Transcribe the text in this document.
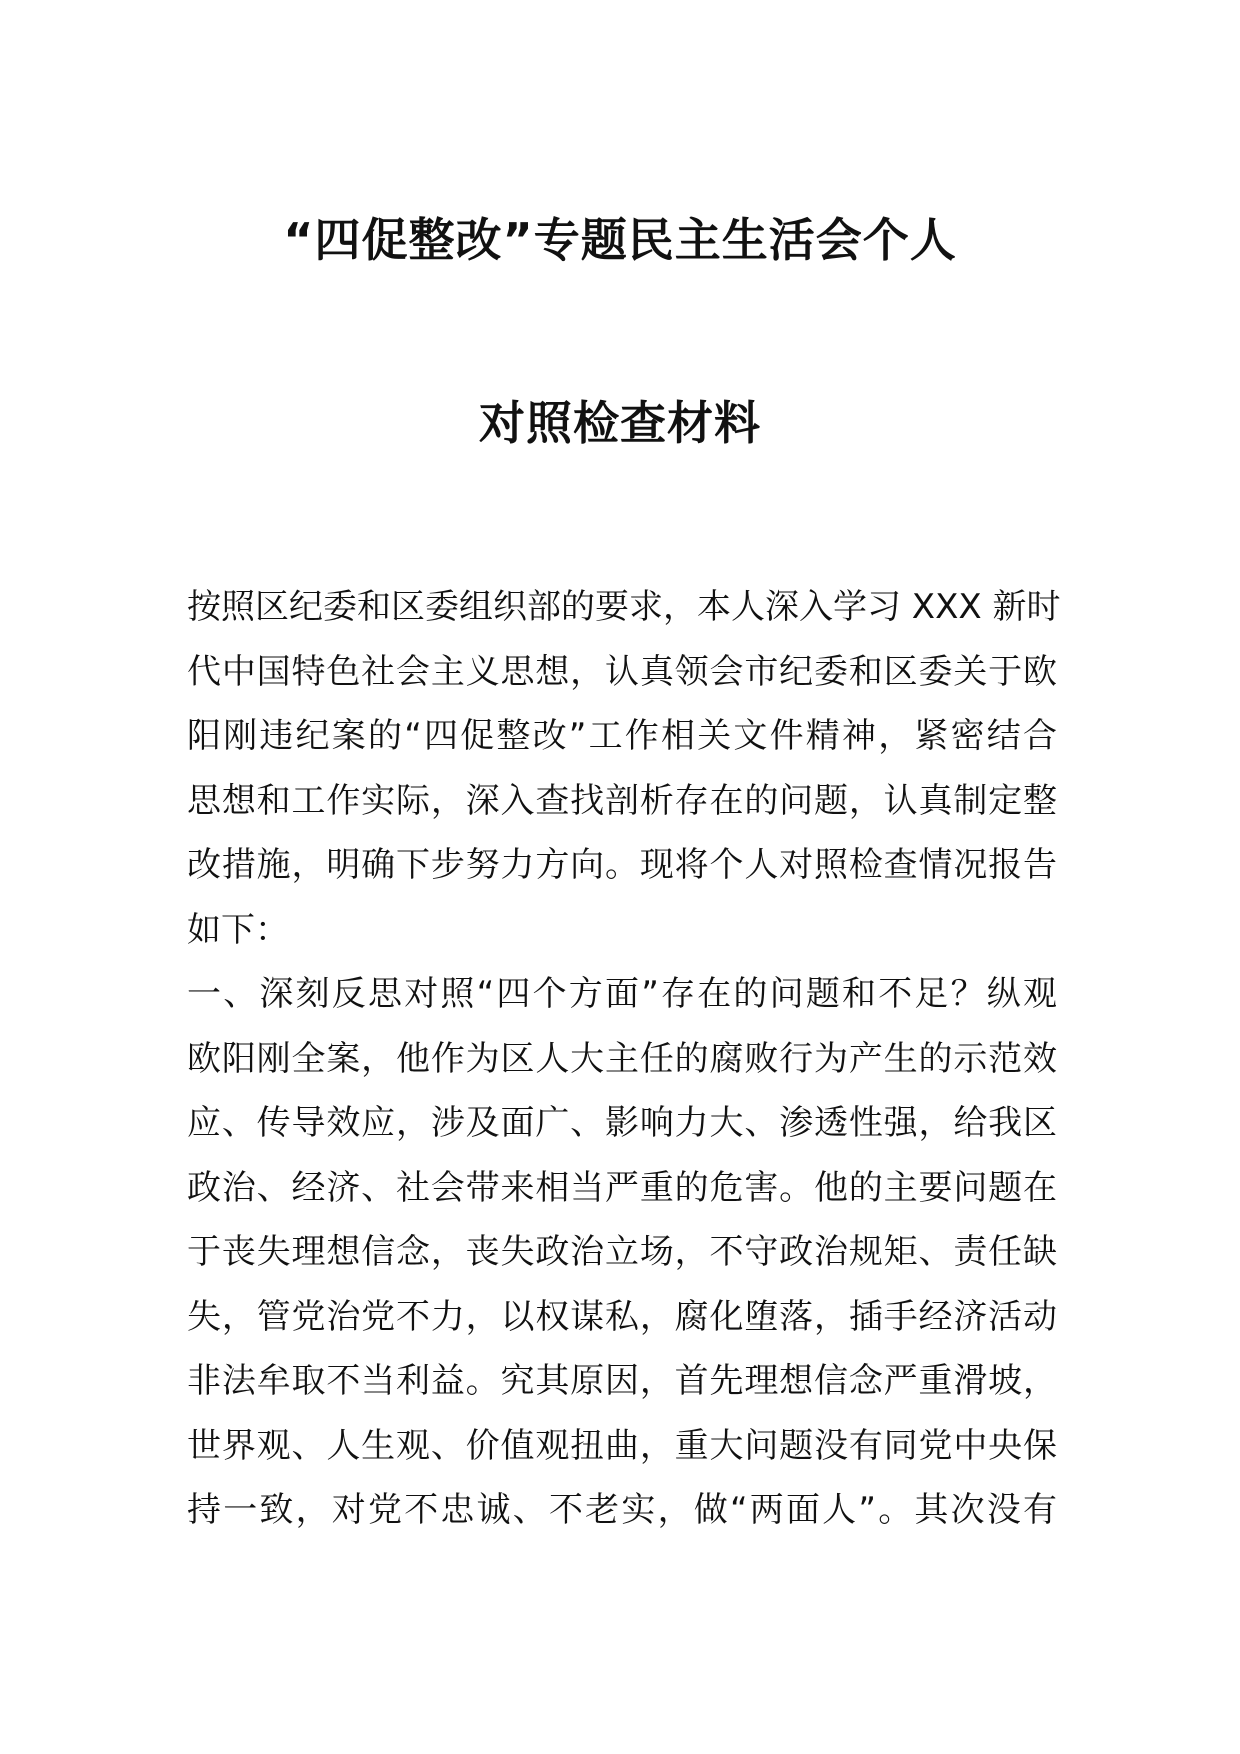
“四促整改”专题民主生活会个人
对照检查材料
按照区纪委和区委组织部的要求，本人深入学习 XXX 新时
代中国特色社会主义思想，认真领会市纪委和区委关于欧
阳刚违纪案的“四促整改”工作相关文件精神，紧密结合
思想和工作实际，深入查找剖析存在的问题，认真制定整
改措施，明确下步努力方向。现将个人对照检查情况报告
如下：
一、深刻反思对照“四个方面”存在的问题和不足？纵观
欧阳刚全案，他作为区人大主任的腐败行为产生的示范效
应、传导效应，涉及面广、影响力大、渗透性强，给我区
政治、经济、社会带来相当严重的危害。他的主要问题在
于丧失理想信念，丧失政治立场，不守政治规矩、责任缺
失，管党治党不力，以权谋私，腐化堕落，插手经济活动
非法牟取不当利益。究其原因，首先理想信念严重滑坡，
世界观、人生观、价值观扭曲，重大问题没有同党中央保
持一致，对党不忠诚、不老实，做“两面人”。其次没有
